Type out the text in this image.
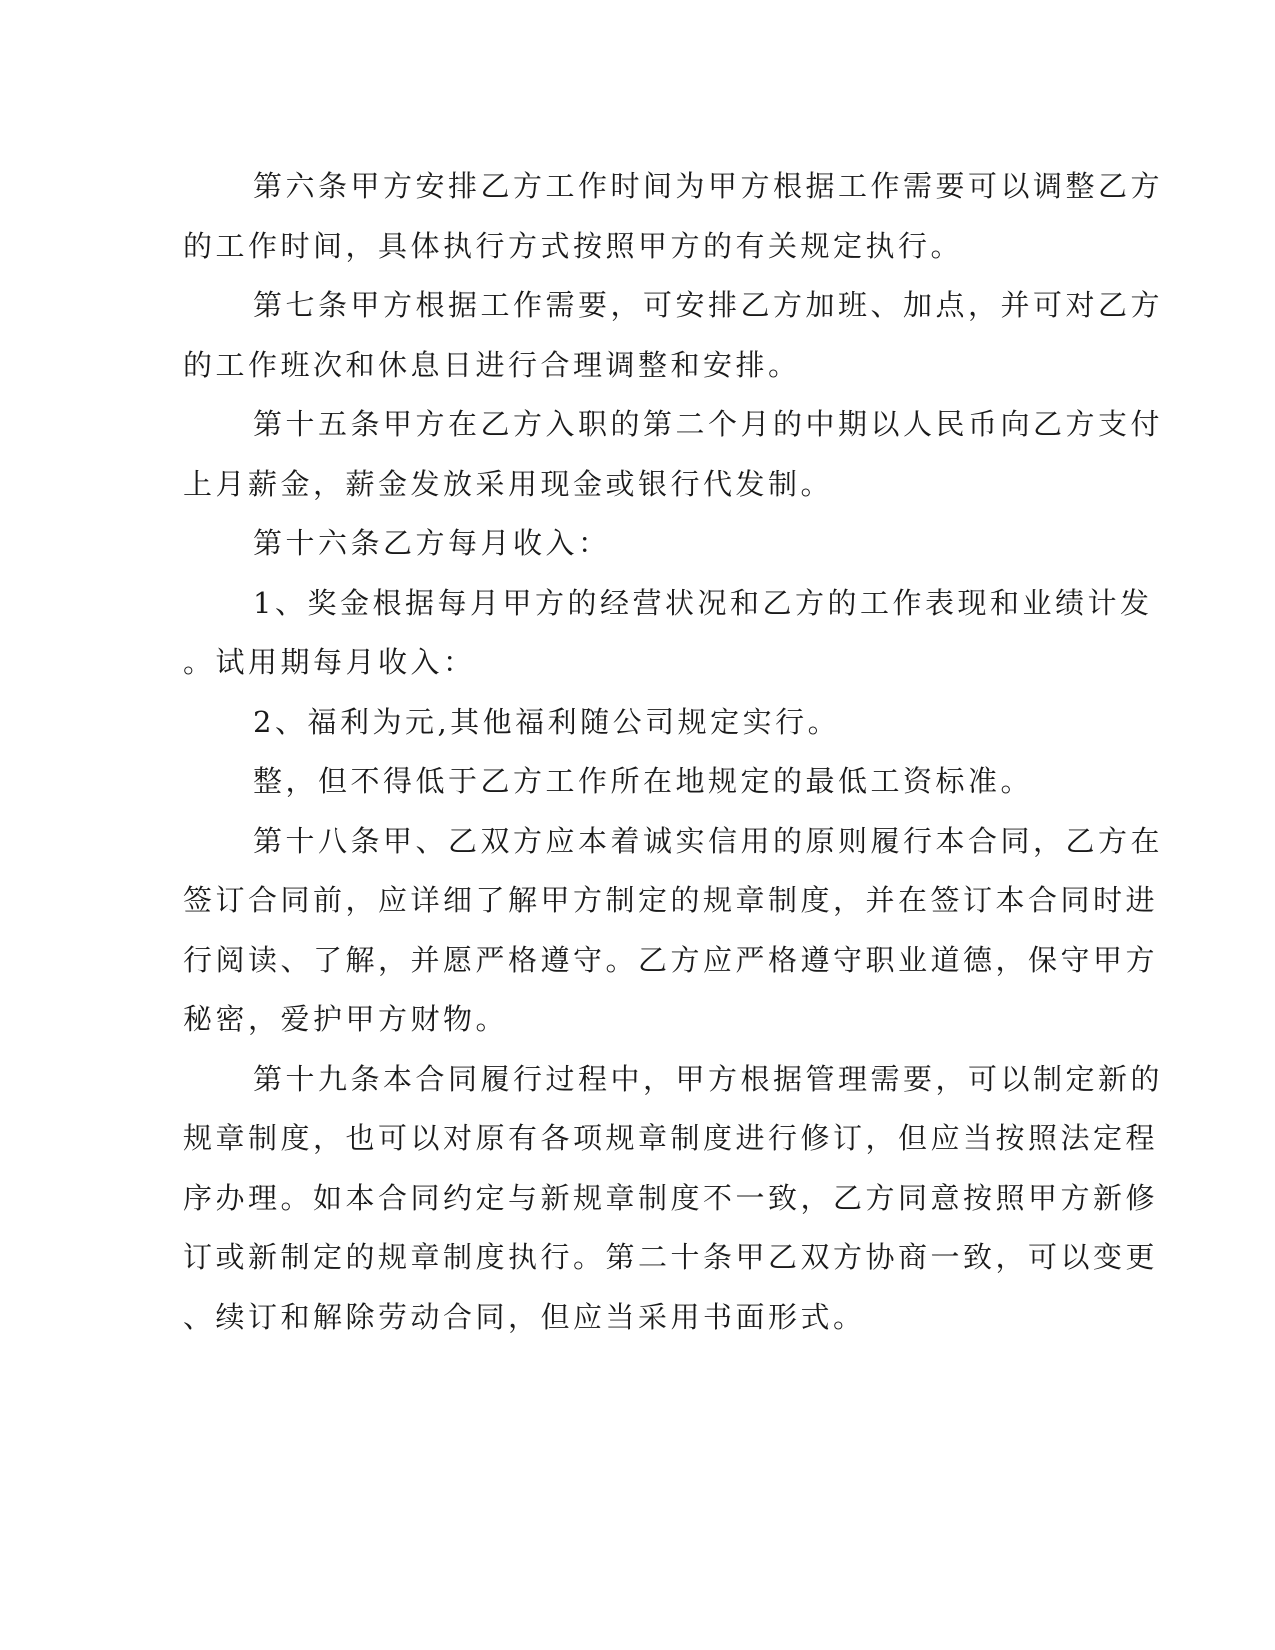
第六条甲方安排乙方工作时间为甲方根据工作需要可以调整乙方
的工作时间，具体执行方式按照甲方的有关规定执行。

第七条甲方根据工作需要，可安排乙方加班、加点，并可对乙方
的工作班次和休息日进行合理调整和安排。

第十五条甲方在乙方入职的第二个月的中期以人民币向乙方支付
上月薪金，薪金发放采用现金或银行代发制。

第十六条乙方每月收入：

1、奖金根据每月甲方的经营状况和乙方的工作表现和业绩计发
。试用期每月收入：

2、福利为元,其他福利随公司规定实行。

整，但不得低于乙方工作所在地规定的最低工资标准。

第十八条甲、乙双方应本着诚实信用的原则履行本合同，乙方在
签订合同前，应详细了解甲方制定的规章制度，并在签订本合同时进
行阅读、了解，并愿严格遵守。乙方应严格遵守职业道德，保守甲方
秘密，爱护甲方财物。

第十九条本合同履行过程中，甲方根据管理需要，可以制定新的
规章制度，也可以对原有各项规章制度进行修订，但应当按照法定程
序办理。如本合同约定与新规章制度不一致，乙方同意按照甲方新修
订或新制定的规章制度执行。第二十条甲乙双方协商一致，可以变更
、续订和解除劳动合同，但应当采用书面形式。
